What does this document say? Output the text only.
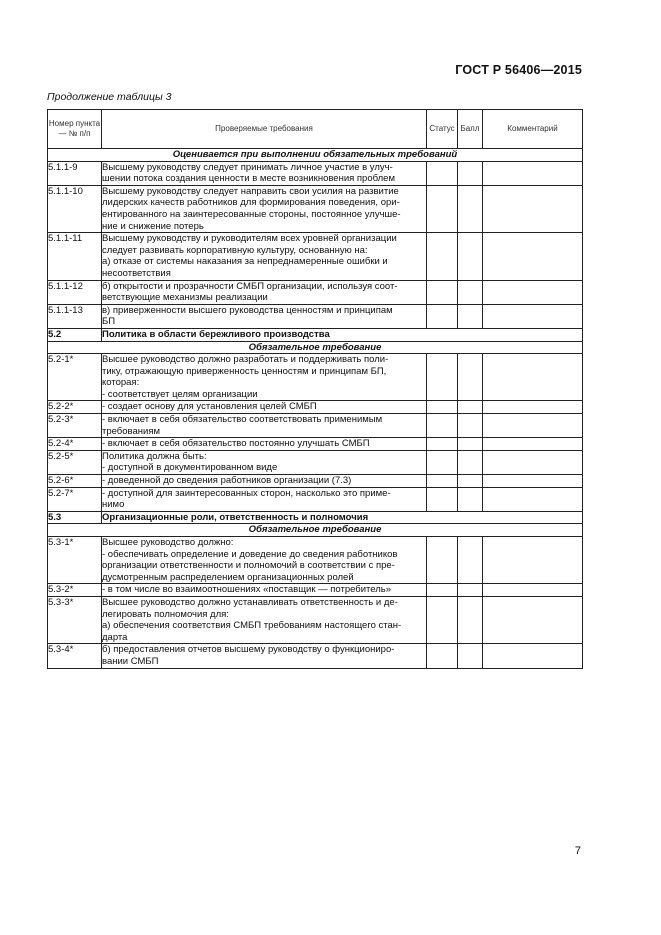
ГОСТ Р 56406—2015
Продолжение таблицы 3
Номер пункта — № п/п	Проверяемые требования	Статус	Балл	Комментарий
Оценивается при выполнении обязательных требований				
5.1.1-9	Высшему руководству следует принимать личное участие в улуч-
шении потока создания ценности в месте возникновения проблем			

5.1.1-10	Высшему руководству следует направить свои усилия на развитие
лидерских качеств работников для формирования поведения, ори-
ентированного на заинтересованные стороны, постоянное улучше-
ние и снижение потерь			

5.1.1-11	Высшему руководству и руководителям всех уровней организации
следует развивать корпоративную культуру, основанную на:
а) отказе от системы наказания за непреднамеренные ошибки и
несоответствия			

5.1.1-12	б) открытости и прозрачности СМБП организации, используя соот-
ветствующие механизмы реализации			

5.1.1-13	в) приверженности высшего руководства ценностям и принципам
БП			

5.2	Политика в области бережливого производства			
Обязательное требование				
5.2-1*	Высшее руководство должно разработать и поддерживать поли-
тику, отражающую приверженность ценностям и принципам БП,
которая:
- соответствует целям организации			

5.2-2*	- создает основу для установления целей СМБП			

5.2-3*	- включает в себя обязательство соответствовать применимым
требованиям			

5.2-4*	- включает в себя обязательство постоянно улучшать СМБП			

5.2-5*	Политика должна быть:
- доступной в документированном виде			

5.2-6*	- доведенной до сведения работников организации (7.3)			

5.2-7*	- доступной для заинтересованных сторон, насколько это приме-
нимо			

5.3	Организационные роли, ответственность и полномочия			
Обязательное требование				
5.3-1*	Высшее руководство должно:
- обеспечивать определение и доведение до сведения работников
организации ответственности и полномочий в соответствии с пре-
дусмотренным распределением организационных ролей			

5.3-2*	- в том числе во взаимоотношениях «поставщик — потребитель»			

5.3-3*	Высшее руководство должно устанавливать ответственность и де-
легировать полномочия для:
а) обеспечения соответствия СМБП требованиям настоящего стан-
дарта			

5.3-4*	б) предоставления отчетов высшему руководству о функциониро-
вании СМБП			

7
